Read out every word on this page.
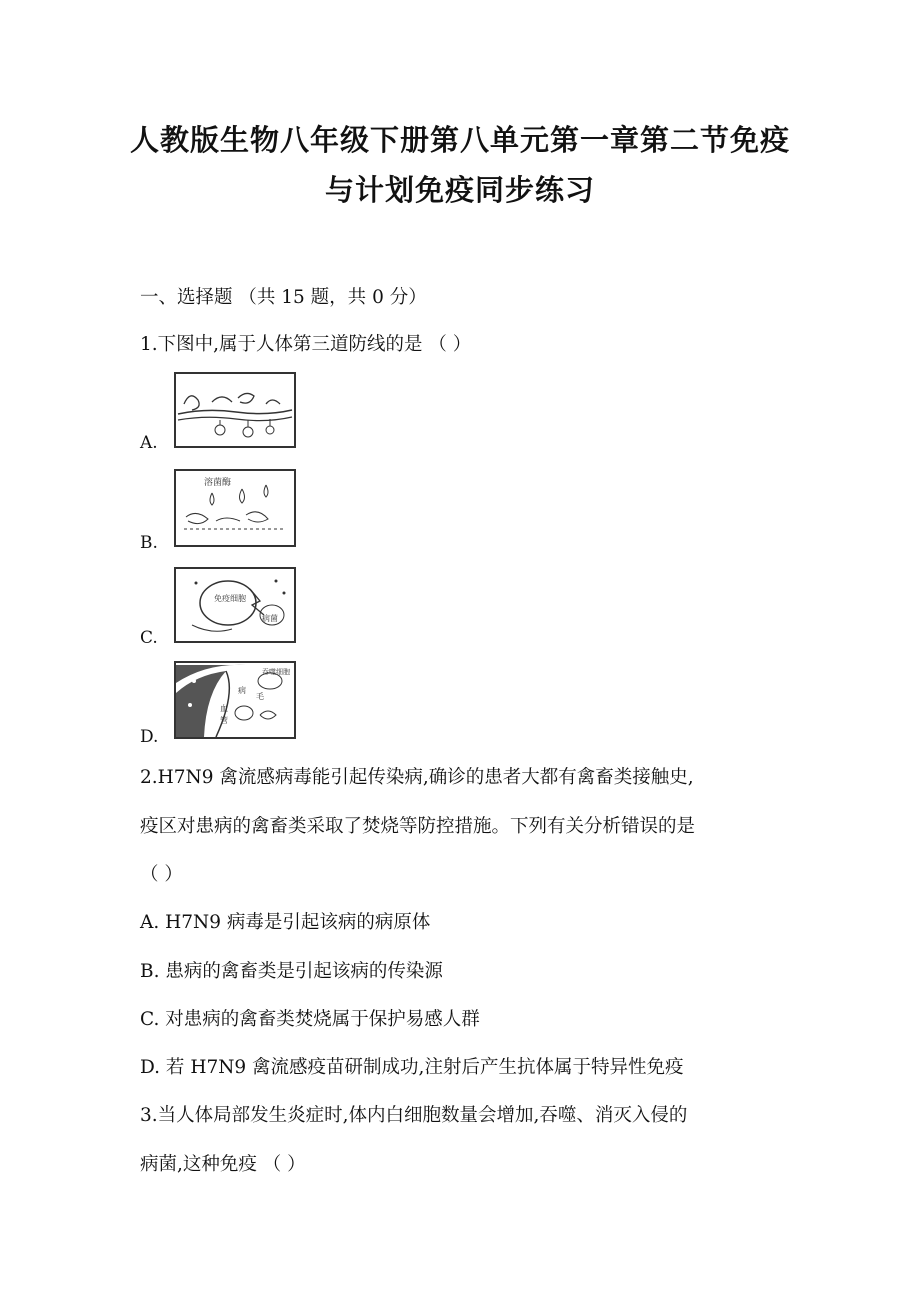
人教版生物八年级下册第八单元第一章第二节免疫
与计划免疫同步练习

一、选择题 （共 15 题，共 0 分）

1.下图中,属于人体第三道防线的是 （ ）

A.

溶菌酶

B.

免疫细胞
病菌

C.

吞噬细胞
病
毛
血
管

D.

2.H7N9 禽流感病毒能引起传染病,确诊的患者大都有禽畜类接触史,

疫区对患病的禽畜类采取了焚烧等防控措施。下列有关分析错误的是

（ ）

A. H7N9 病毒是引起该病的病原体

B. 患病的禽畜类是引起该病的传染源

C. 对患病的禽畜类焚烧属于保护易感人群

D. 若 H7N9 禽流感疫苗研制成功,注射后产生抗体属于特异性免疫

3.当人体局部发生炎症时,体内白细胞数量会增加,吞噬、消灭入侵的

病菌,这种免疫 （ ）
